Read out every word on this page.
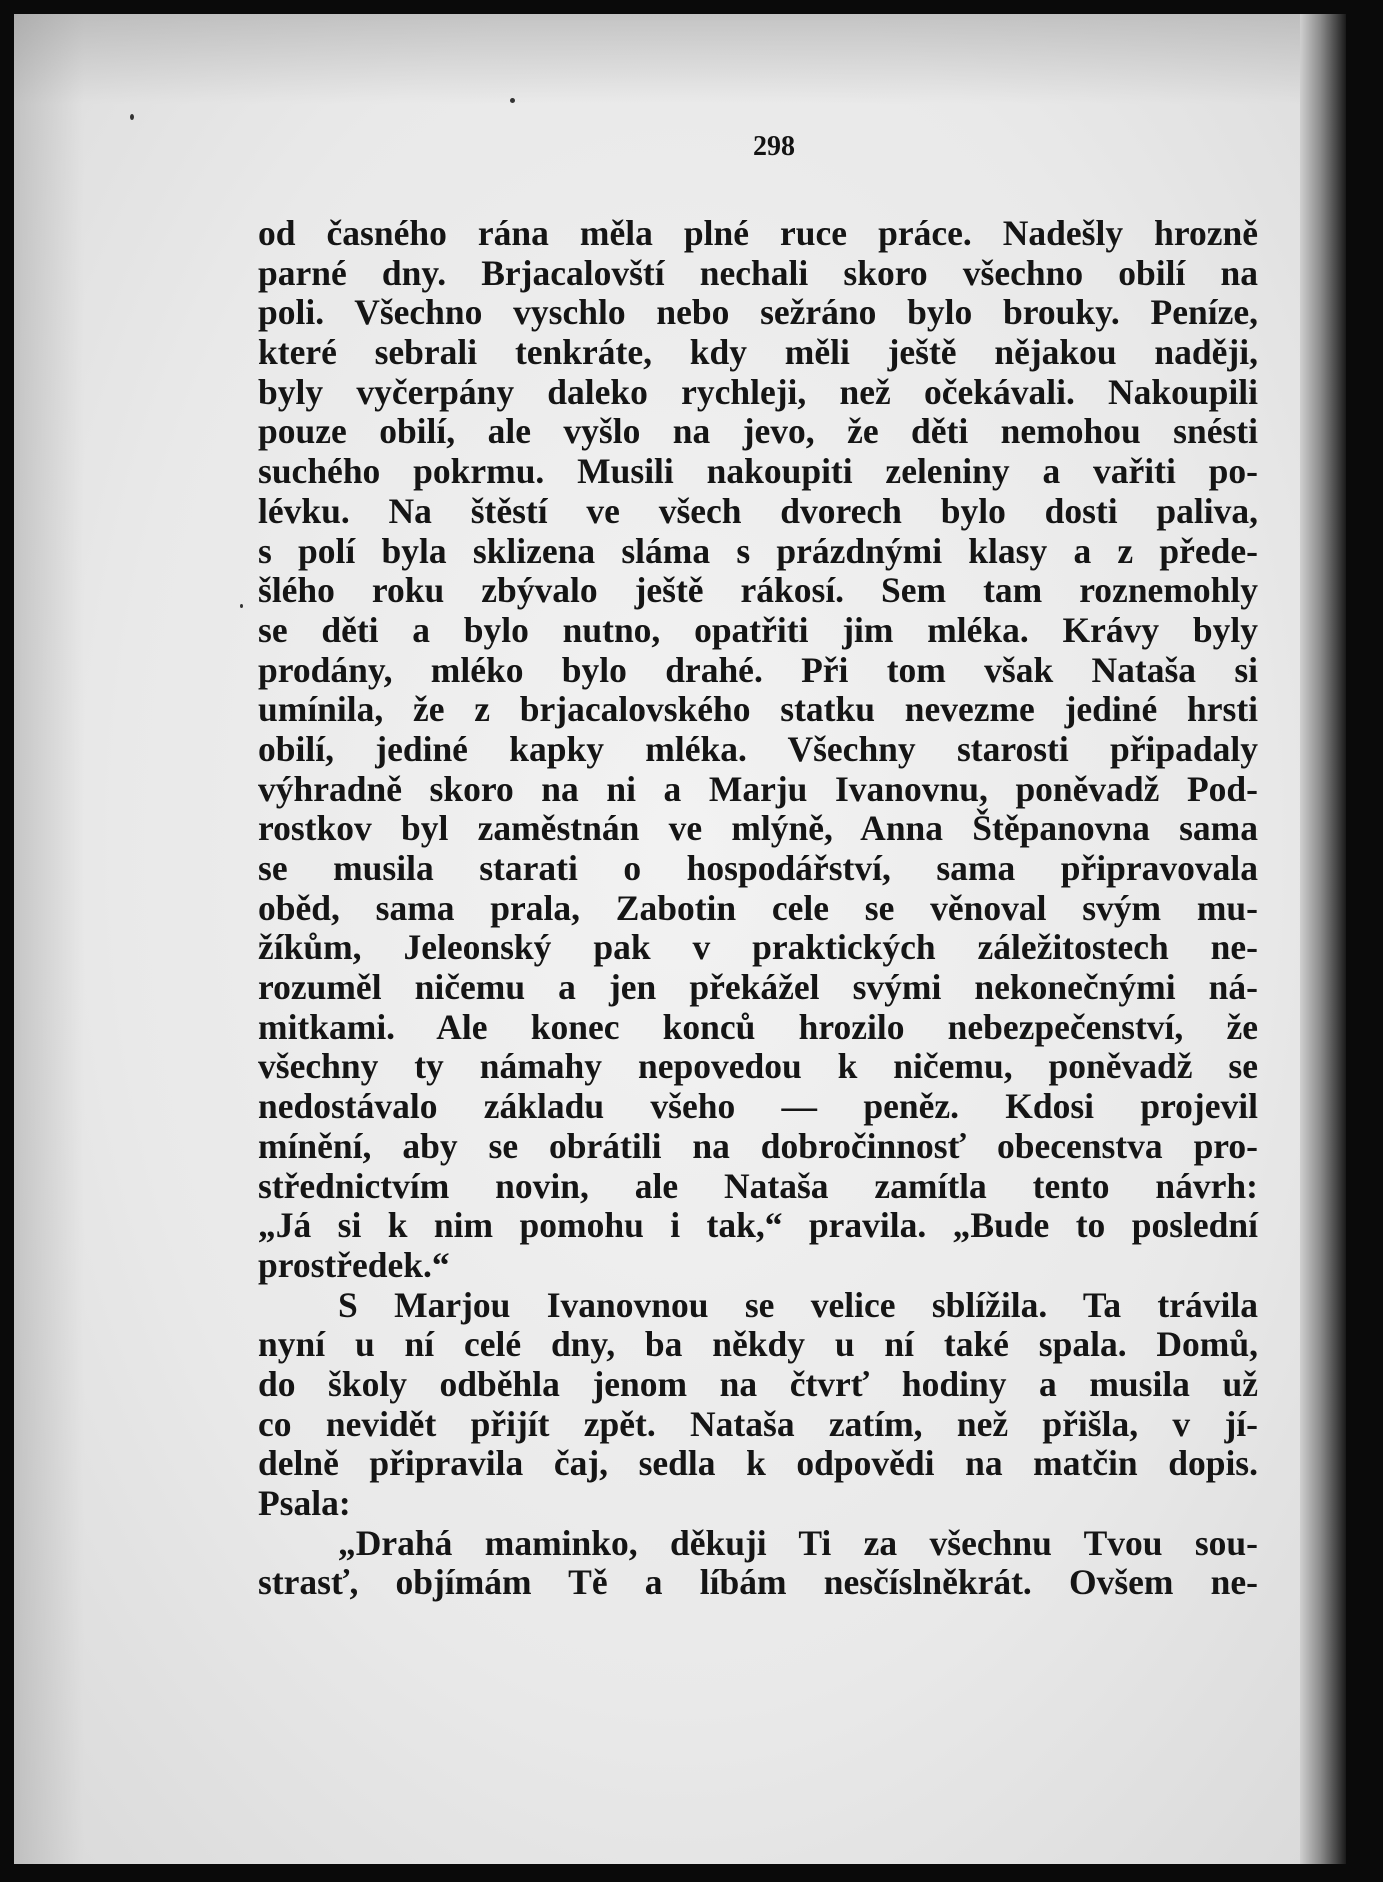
298
od časného rána měla plné ruce práce. Nadešly hrozně
parné dny. Brjacalovští nechali skoro všechno obilí na
poli. Všechno vyschlo nebo sežráno bylo brouky. Peníze,
které sebrali tenkráte, kdy měli ještě nějakou naději,
byly vyčerpány daleko rychleji, než očekávali. Nakoupili
pouze obilí, ale vyšlo na jevo, že děti nemohou snésti
suchého pokrmu. Musili nakoupiti zeleniny a vařiti po-
lévku. Na štěstí ve všech dvorech bylo dosti paliva,
s polí byla sklizena sláma s prázdnými klasy a z přede-
šlého roku zbývalo ještě rákosí. Sem tam roznemohly
se děti a bylo nutno, opatřiti jim mléka. Krávy byly
prodány, mléko bylo drahé. Při tom však Nataša si
umínila, že z brjacalovského statku nevezme jediné hrsti
obilí, jediné kapky mléka. Všechny starosti připadaly
výhradně skoro na ni a Marju Ivanovnu, poněvadž Pod-
rostkov byl zaměstnán ve mlýně, Anna Štěpanovna sama
se musila starati o hospodářství, sama připravovala
oběd, sama prala, Zabotin cele se věnoval svým mu-
žíkům, Jeleonský pak v praktických záležitostech ne-
rozuměl ničemu a jen překážel svými nekonečnými ná-
mitkami. Ale konec konců hrozilo nebezpečenství, že
všechny ty námahy nepovedou k ničemu, poněvadž se
nedostávalo základu všeho — peněz. Kdosi projevil
mínění, aby se obrátili na dobročinnosť obecenstva pro-
střednictvím novin, ale Nataša zamítla tento návrh:
„Já si k nim pomohu i tak,“ pravila. „Bude to poslední
prostředek.“
S Marjou Ivanovnou se velice sblížila. Ta trávila
nyní u ní celé dny, ba někdy u ní také spala. Domů,
do školy odběhla jenom na čtvrť hodiny a musila už
co nevidět přijít zpět. Nataša zatím, než přišla, v jí-
delně připravila čaj, sedla k odpovědi na matčin dopis.
Psala:
„Drahá maminko, děkuji Ti za všechnu Tvou sou-
strasť, objímám Tě a líbám nesčíslněkrát. Ovšem ne-
